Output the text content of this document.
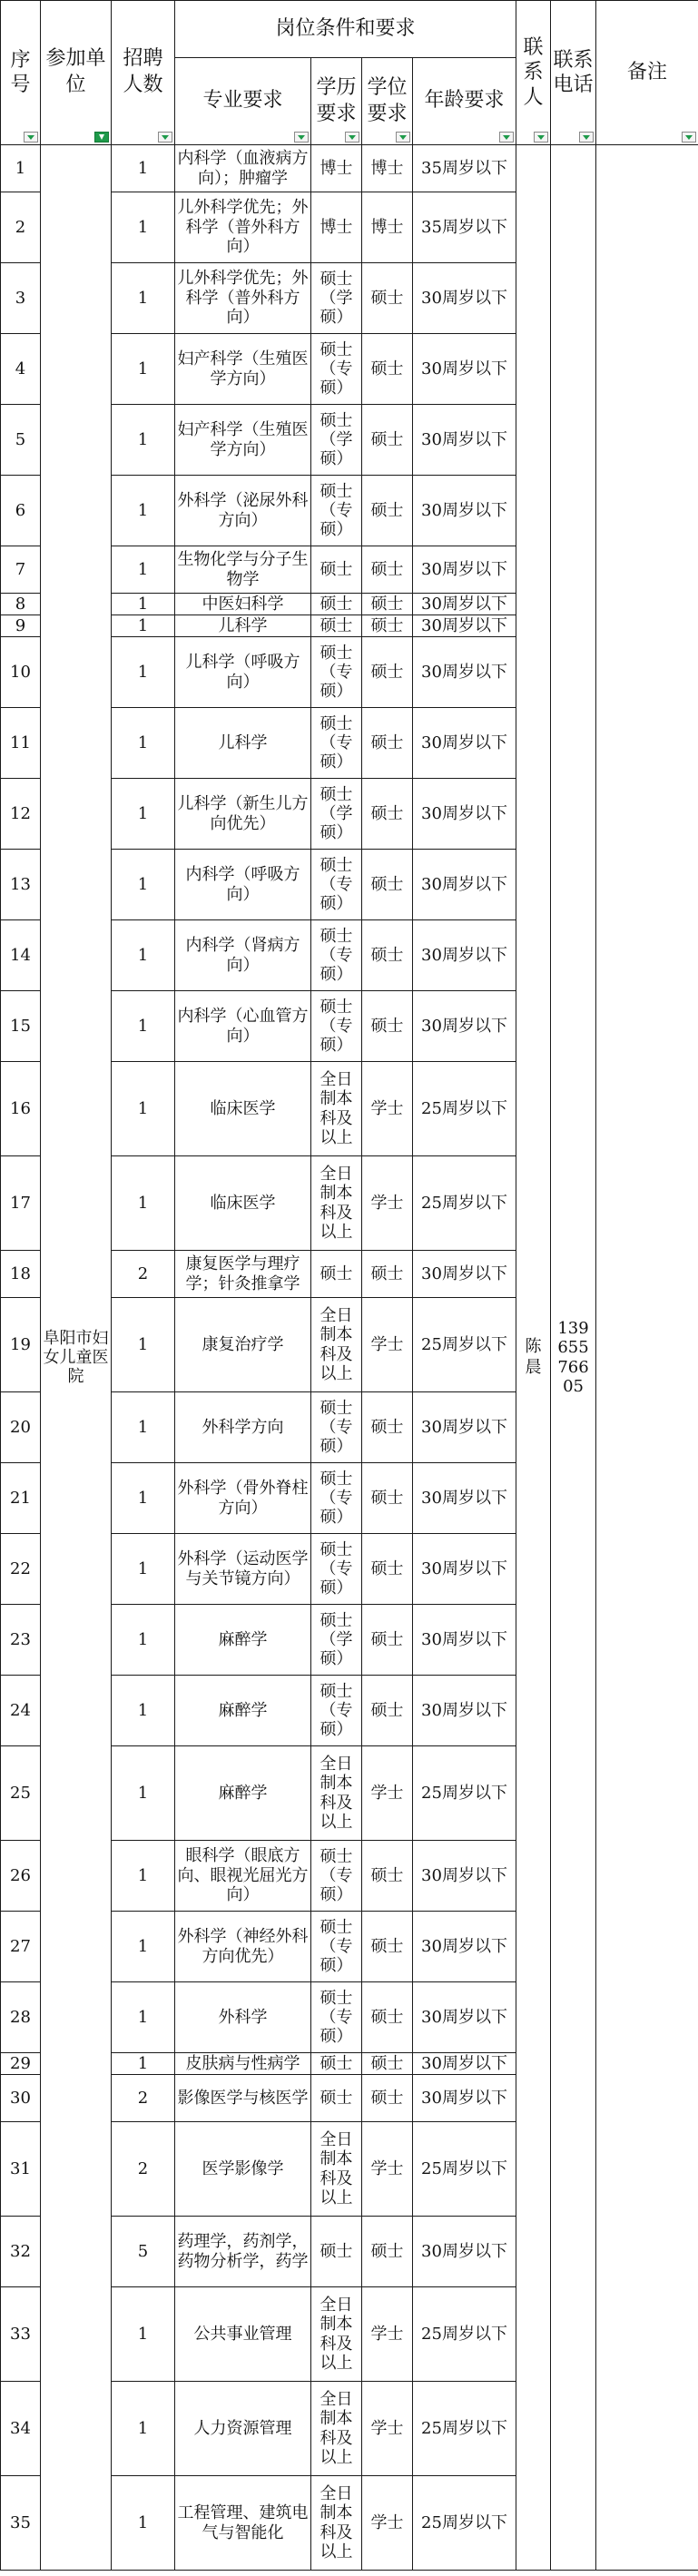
序号	参加单位	招聘人数	岗位条件和要求				联系人	联系电话	备注

			专业要求	学历要求	学位要求	年龄要求			

1	阜阳市妇女儿童医院	1	内科学（血液病方向）；肿瘤学	博士	博士	35周岁以下	陈晨	13965576605	
2		1	儿外科学优先；外科学（普外科方向）	博士	博士	35周岁以下			
3		1	儿外科学优先；外科学（普外科方向）	硕士（学硕）	硕士	30周岁以下			
4		1	妇产科学（生殖医学方向）	硕士（专硕）	硕士	30周岁以下			
5		1	妇产科学（生殖医学方向）	硕士（学硕）	硕士	30周岁以下			
6		1	外科学（泌尿外科方向）	硕士（专硕）	硕士	30周岁以下			
7		1	生物化学与分子生物学	硕士	硕士	30周岁以下			
8		1	中医妇科学	硕士	硕士	30周岁以下			
9		1	儿科学	硕士	硕士	30周岁以下			
10		1	儿科学（呼吸方向）	硕士（专硕）	硕士	30周岁以下			
11		1	儿科学	硕士（专硕）	硕士	30周岁以下			
12		1	儿科学（新生儿方向优先）	硕士（学硕）	硕士	30周岁以下			
13		1	内科学（呼吸方向）	硕士（专硕）	硕士	30周岁以下			
14		1	内科学（肾病方向）	硕士（专硕）	硕士	30周岁以下			
15		1	内科学（心血管方向）	硕士（专硕）	硕士	30周岁以下			
16		1	临床医学	全日制本科及以上	学士	25周岁以下			
17		1	临床医学	全日制本科及以上	学士	25周岁以下			
18		2	康复医学与理疗学；针灸推拿学	硕士	硕士	30周岁以下			
19		1	康复治疗学	全日制本科及以上	学士	25周岁以下			
20		1	外科学方向	硕士（专硕）	硕士	30周岁以下			
21		1	外科学（骨外脊柱方向）	硕士（专硕）	硕士	30周岁以下			
22		1	外科学（运动医学与关节镜方向）	硕士（专硕）	硕士	30周岁以下			
23		1	麻醉学	硕士（学硕）	硕士	30周岁以下			
24		1	麻醉学	硕士（专硕）	硕士	30周岁以下			
25		1	麻醉学	全日制本科及以上	学士	25周岁以下			
26		1	眼科学（眼底方向、眼视光屈光方向）	硕士（专硕）	硕士	30周岁以下			
27		1	外科学（神经外科方向优先）	硕士（专硕）	硕士	30周岁以下			
28		1	外科学	硕士（专硕）	硕士	30周岁以下			
29		1	皮肤病与性病学	硕士	硕士	30周岁以下			
30		2	影像医学与核医学	硕士	硕士	30周岁以下			
31		2	医学影像学	全日制本科及以上	学士	25周岁以下			
32		5	药理学，药剂学，药物分析学，药学	硕士	硕士	30周岁以下			
33		1	公共事业管理	全日制本科及以上	学士	25周岁以下			
34		1	人力资源管理	全日制本科及以上	学士	25周岁以下			
35		1	工程管理、建筑电气与智能化	全日制本科及以上	学士	25周岁以下			
